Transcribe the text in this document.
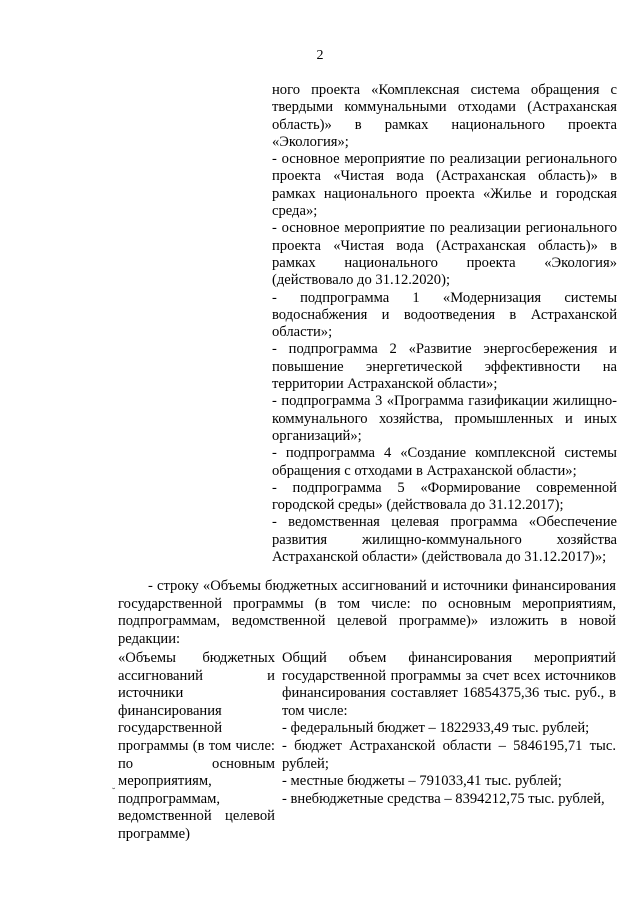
2

ного проекта «Комплексная система обращения с твердыми коммунальными отходами (Астраханская область)» в рамках национального проекта «Экология»;

- основное мероприятие по реализации регионального проекта «Чистая вода (Астраханская область)» в рамках национального проекта «Жилье и городская среда»;

- основное мероприятие по реализации регионального проекта «Чистая вода (Астраханская область)» в рамках национального проекта «Экология» (действовало до 31.12.2020);

- подпрограмма 1 «Модернизация системы водоснабжения и водоотведения в Астраханской области»;

- подпрограмма 2 «Развитие энергосбережения и повышение энергетической эффективности на территории Астраханской области»;

- подпрограмма 3 «Программа газификации жилищно-коммунального хозяйства, промышленных и иных организаций»;

- подпрограмма 4 «Создание комплексной системы обращения с отходами в Астраханской области»;

- подпрограмма 5 «Формирование современной городской среды» (действовала до 31.12.2017);

- ведомственная целевая программа «Обеспечение развития жилищно-коммунального хозяйства Астраханской области» (действовала до 31.12.2017)»;

- строку «Объемы бюджетных ассигнований и источники финансирования государственной программы (в том числе: по основным мероприятиям, подпрограммам, ведомственной целевой программе)» изложить в новой редакции:
«Объемы бюджетных ассигнований и источники финансирования государственной программы (в том числе: по основным мероприятиям, подпрограммам, ведомственной целевой программе)

Общий объем финансирования мероприятий государственной программы за счет всех источников финансирования составляет 16854375,36 тыс. руб., в том числе:

- федеральный бюджет – 1822933,49 тыс. рублей;

- бюджет Астраханской области – 5846195,71 тыс. рублей;

- местные бюджеты – 791033,41 тыс. рублей;

- внебюджетные средства – 8394212,75 тыс. рублей,

˘
